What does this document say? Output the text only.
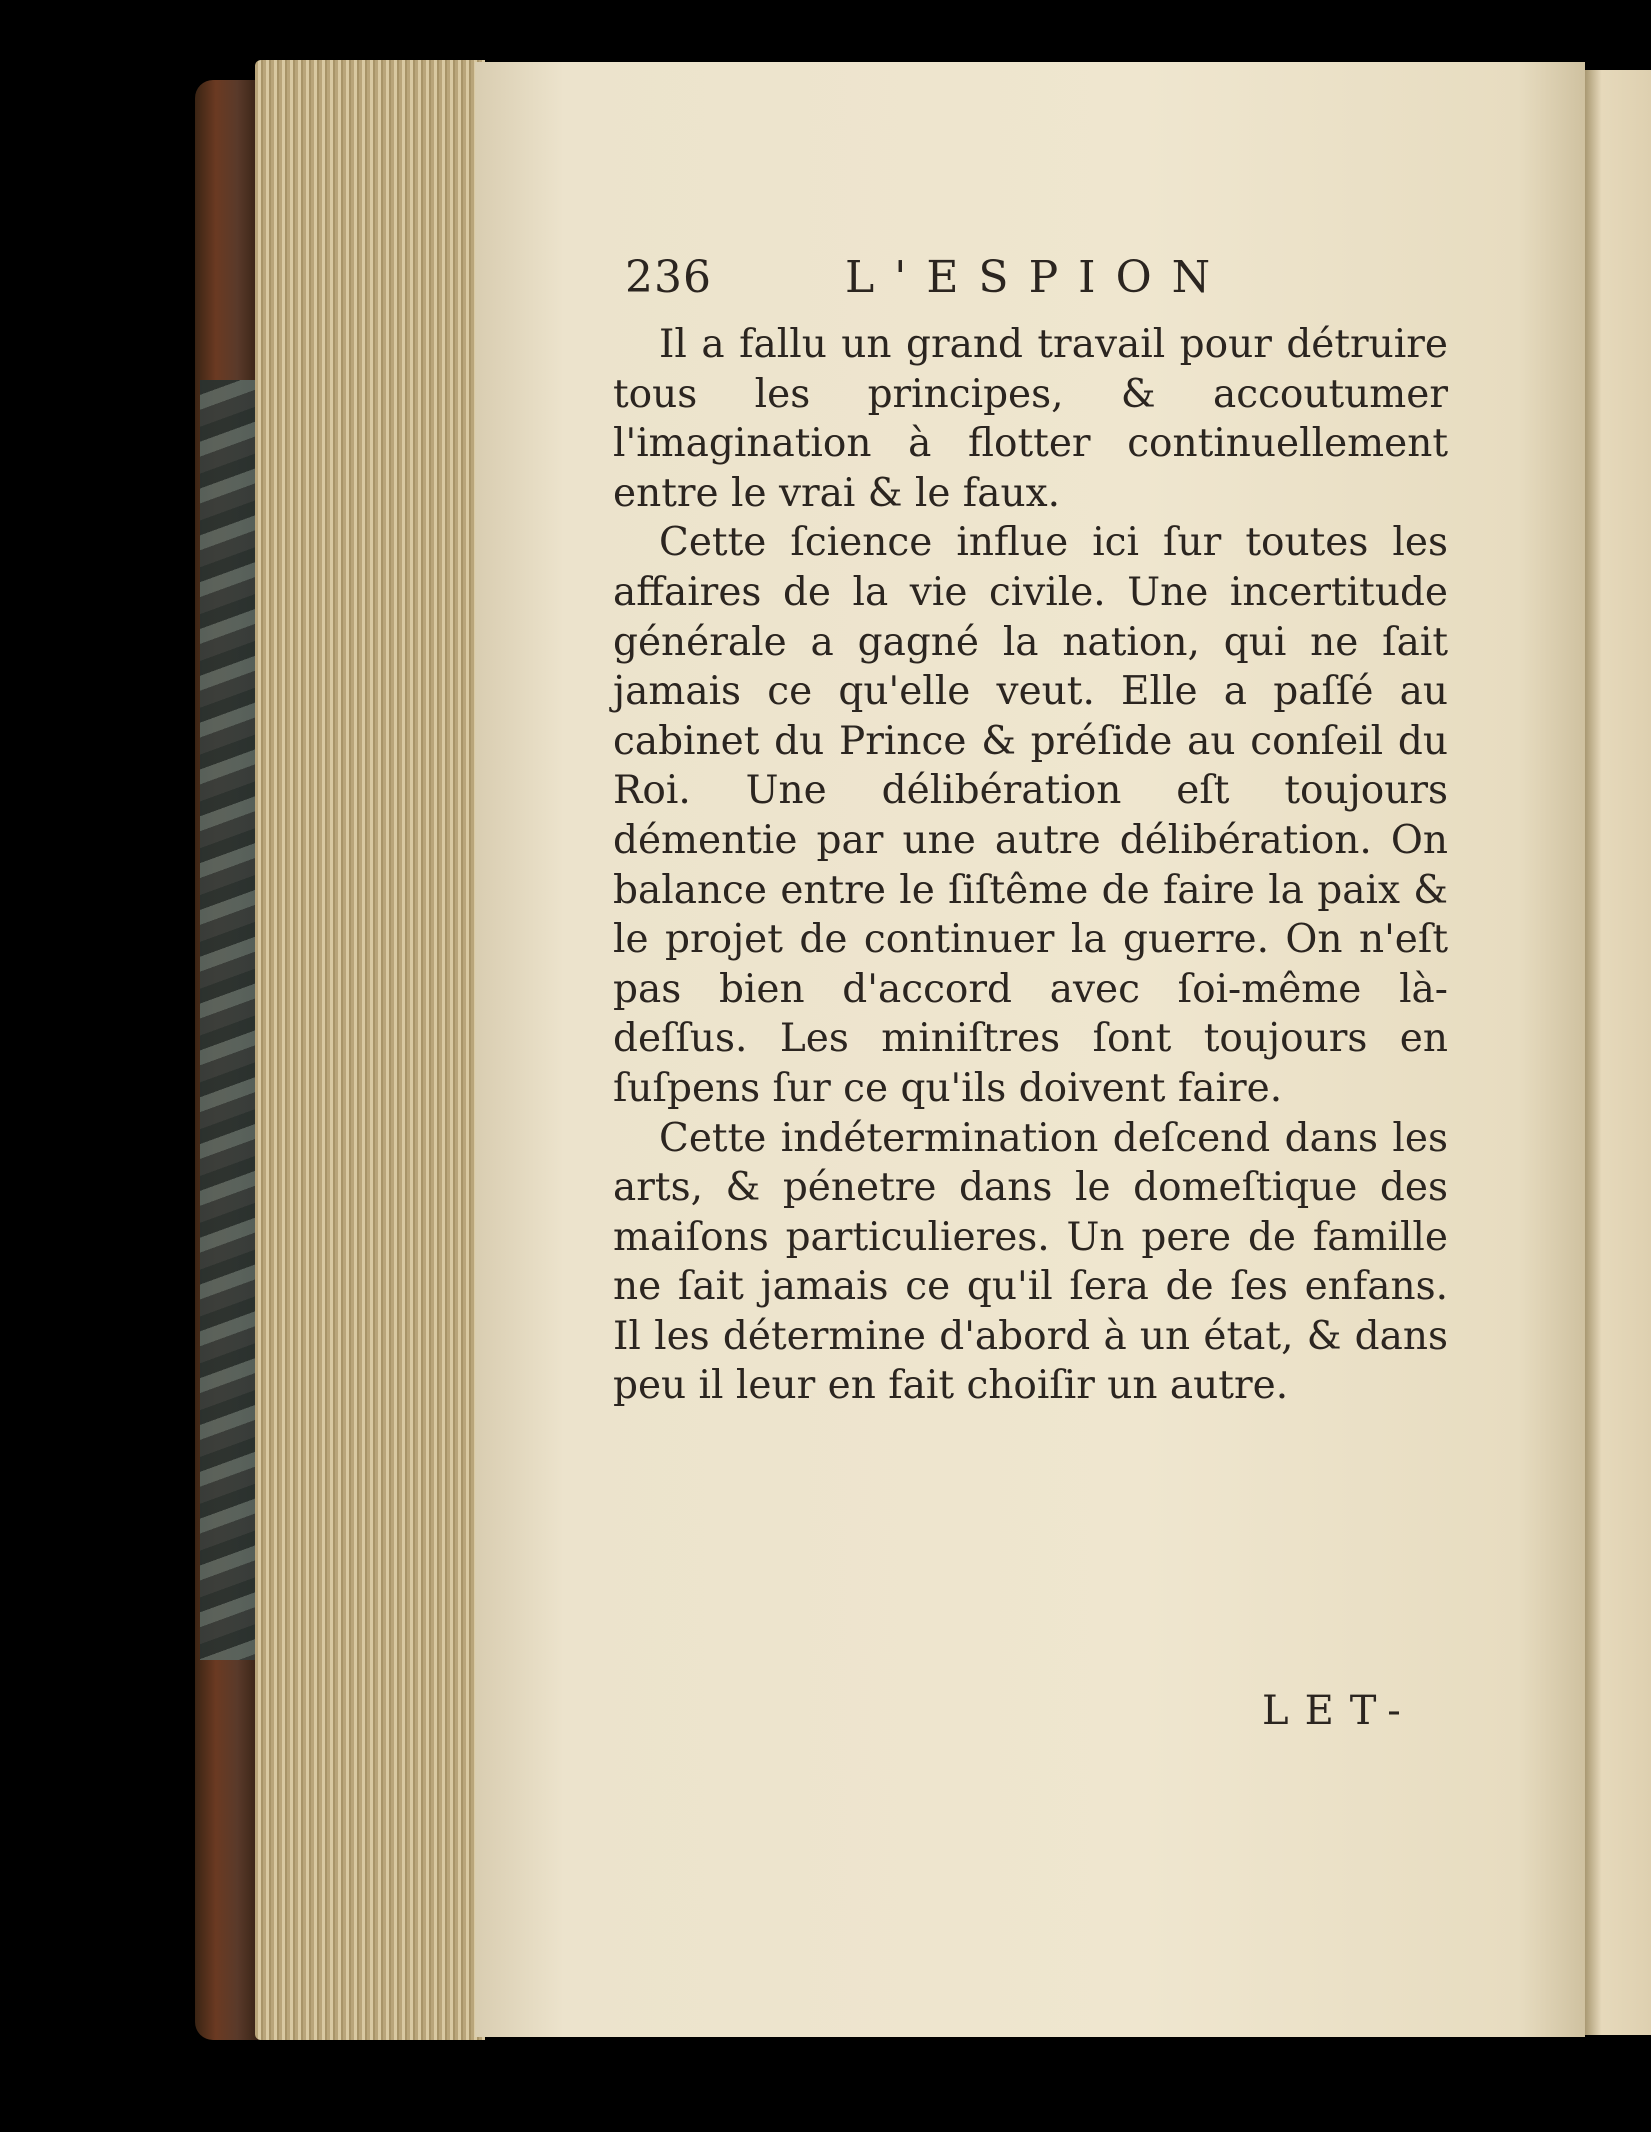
236	L'ESPION

Il a fallu un grand travail pour détruire tous les principes, & accoutumer l'imagination à flotter continuellement entre le vrai & le faux.

Cette ſcience influe ici ſur toutes les affaires de la vie civile. Une incertitude générale a gagné la nation, qui ne ſait jamais ce qu'elle veut. Elle a paſſé au cabinet du Prince & préſide au conſeil du Roi. Une délibération eſt toujours démentie par une autre délibération. On balance entre le ſiſtême de faire la paix & le projet de continuer la guerre. On n'eſt pas bien d'accord avec ſoi-même là-deſſus. Les miniſtres ſont toujours en ſuſpens ſur ce qu'ils doivent faire.

Cette indétermination deſcend dans les arts, & pénetre dans le domeſtique des maiſons particulieres. Un pere de famille ne ſait jamais ce qu'il ſera de ſes enfans. Il les détermine d'abord à un état, & dans peu il leur en fait choiſir un autre.

LET-
